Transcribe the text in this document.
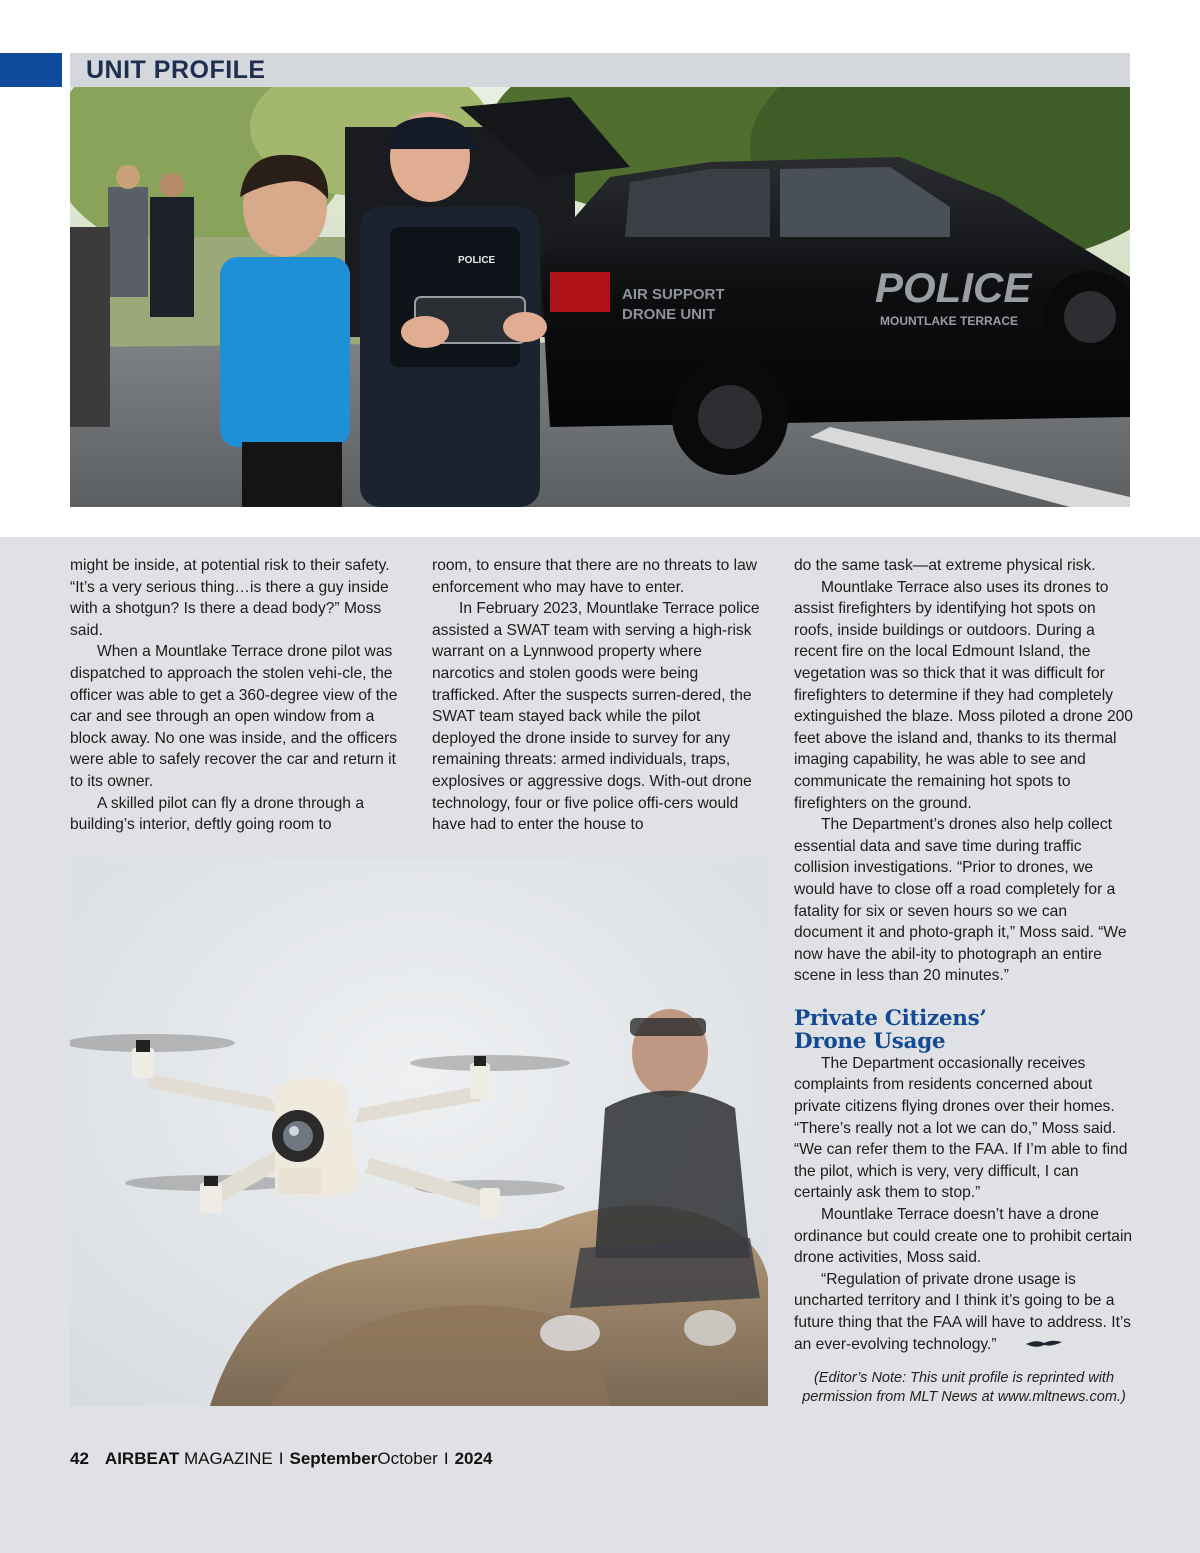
UNIT PROFILE
AIR SUPPORT
DRONE UNIT
POLICE
MOUNTLAKE TERRACE
POLICE

might be inside, at potential risk to their safety. “It’s a very serious thing…is there a guy inside with a shotgun? Is there a dead body?” Moss said.

When a Mountlake Terrace drone pilot was dispatched to approach the stolen vehi-cle, the officer was able to get a 360-degree view of the car and see through an open window from a block away. No one was inside, and the officers were able to safely recover the car and return it to its owner.

A skilled pilot can fly a drone through a building’s interior, deftly going room to

room, to ensure that there are no threats to law enforcement who may have to enter.

In February 2023, Mountlake Terrace police assisted a SWAT team with serving a high-risk warrant on a Lynnwood property where narcotics and stolen goods were being trafficked. After the suspects surren-dered, the SWAT team stayed back while the pilot deployed the drone inside to survey for any remaining threats: armed individuals, traps, explosives or aggressive dogs. With-out drone technology, four or five police offi-cers would have had to enter the house to

do the same task—at extreme physical risk.

Mountlake Terrace also uses its drones to assist firefighters by identifying hot spots on roofs, inside buildings or outdoors. During a recent fire on the local Edmount Island, the vegetation was so thick that it was difficult for firefighters to determine if they had completely extinguished the blaze. Moss piloted a drone 200 feet above the island and, thanks to its thermal imaging capability, he was able to see and communicate the remaining hot spots to firefighters on the ground.

The Department’s drones also help collect essential data and save time during traffic collision investigations. “Prior to drones, we would have to close off a road completely for a fatality for six or seven hours so we can document it and photo-graph it,” Moss said. “We now have the abil-ity to photograph an entire scene in less than 20 minutes.”

Private Citizens’
Drone Usage

The Department occasionally receives complaints from residents concerned about private citizens flying drones over their homes. “There’s really not a lot we can do,” Moss said. “We can refer them to the FAA. If I’m able to find the pilot, which is very, very difficult, I can certainly ask them to stop.”

Mountlake Terrace doesn’t have a drone ordinance but could create one to prohibit certain drone activities, Moss said.

“Regulation of private drone usage is uncharted territory and I think it’s going to be a future thing that the FAA will have to address. It’s an ever-evolving technology.”

(Editor’s Note: This unit profile is reprinted with
permission from MLT News at www.mltnews.com.)
42 AIRBEAT MAGAZINE I SeptemberOctober I 2024
